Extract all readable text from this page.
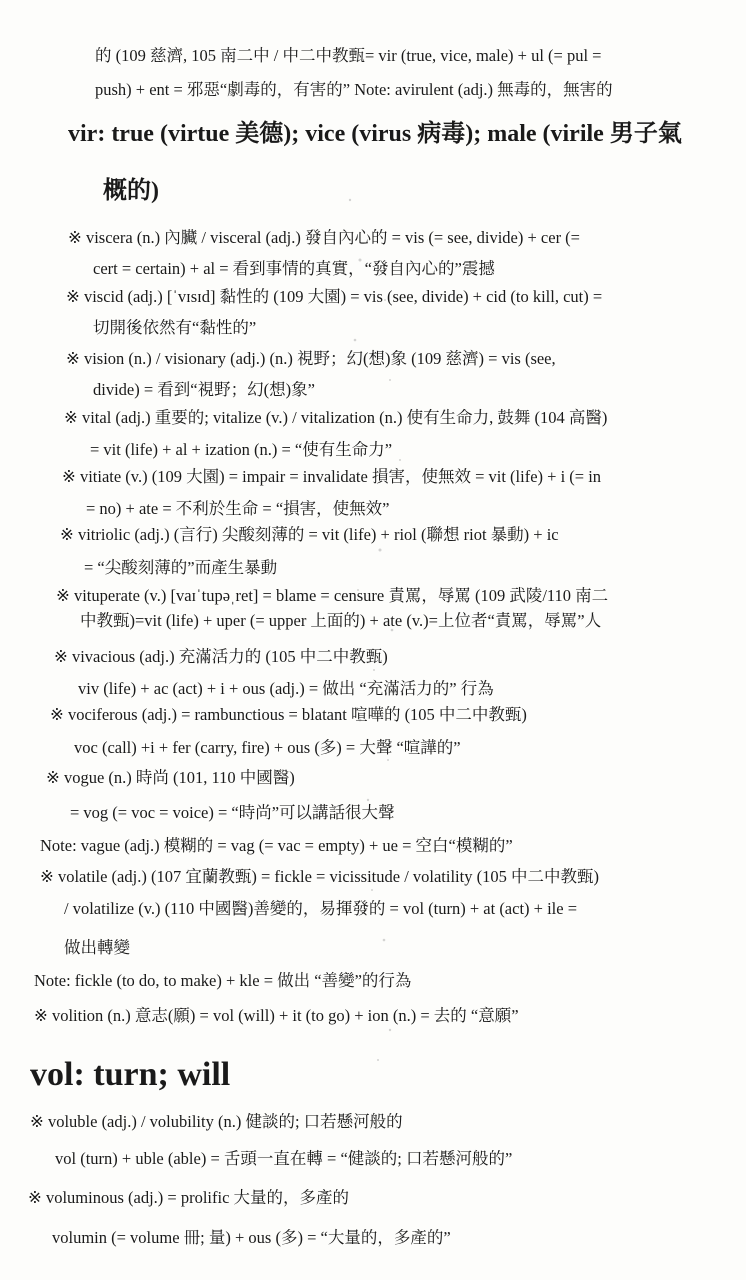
的 (109 慈濟, 105 南二中 / 中二中教甄= vir (true, vice, male) + ul (= pul =
push) + ent = 邪惡“劇毒的，有害的” Note: avirulent (adj.) 無毒的，無害的
vir: true (virtue 美德); vice (virus 病毒); male (virile 男子氣
概的)
※ viscera (n.) 內臟 / visceral (adj.) 發自內心的 = vis (= see, divide) + cer (=
cert = certain) + al = 看到事情的真實，“發自內心的”震撼
※ viscid (adj.) [ˈvɪsɪd] 黏性的 (109 大園) = vis (see, divide) + cid (to kill, cut) =
切開後依然有“黏性的”
※ vision (n.) / visionary (adj.) (n.) 視野；幻(想)象 (109 慈濟) = vis (see,
divide) = 看到“視野；幻(想)象”
※ vital (adj.) 重要的; vitalize (v.) / vitalization (n.) 使有生命力, 鼓舞 (104 高醫)
= vit (life) + al + ization (n.) = “使有生命力”
※ vitiate (v.) (109 大園) = impair = invalidate 損害，使無效 = vit (life) + i (= in
= no) + ate = 不利於生命 = “損害，使無效”
※ vitriolic (adj.) (言行) 尖酸刻薄的 = vit (life) + riol (聯想 riot 暴動) + ic
= “尖酸刻薄的”而產生暴動
※ vituperate (v.) [vaɪˈtupəˌret] = blame = censure 責罵，辱罵 (109 武陵/110 南二
中教甄)=vit (life) + uper (= upper 上面的) + ate (v.)=上位者“責罵，辱罵”人
※ vivacious (adj.) 充滿活力的 (105 中二中教甄)
viv (life) + ac (act) + i + ous (adj.) = 做出 “充滿活力的” 行為
※ vociferous (adj.) = rambunctious = blatant 喧嘩的 (105 中二中教甄)
voc (call) +i + fer (carry, fire) + ous (多) = 大聲 “喧譁的”
※ vogue (n.) 時尚 (101, 110 中國醫)
= vog (= voc = voice) = “時尚”可以講話很大聲
Note: vague (adj.) 模糊的 = vag (= vac = empty) + ue = 空白“模糊的”
※ volatile (adj.) (107 宜蘭教甄) = fickle = vicissitude / volatility (105 中二中教甄)
/ volatilize (v.) (110 中國醫)善變的，易揮發的 = vol (turn) + at (act) + ile =
做出轉變
Note: fickle (to do, to make) + kle = 做出 “善變”的行為
※ volition (n.) 意志(願) = vol (will) + it (to go) + ion (n.) = 去的 “意願”
vol: turn; will
※ voluble (adj.) / volubility (n.) 健談的; 口若懸河般的
vol (turn) + uble (able) = 舌頭一直在轉 = “健談的; 口若懸河般的”
※ voluminous (adj.) = prolific 大量的，多產的
volumin (= volume 冊; 量) + ous (多) = “大量的，多產的”
